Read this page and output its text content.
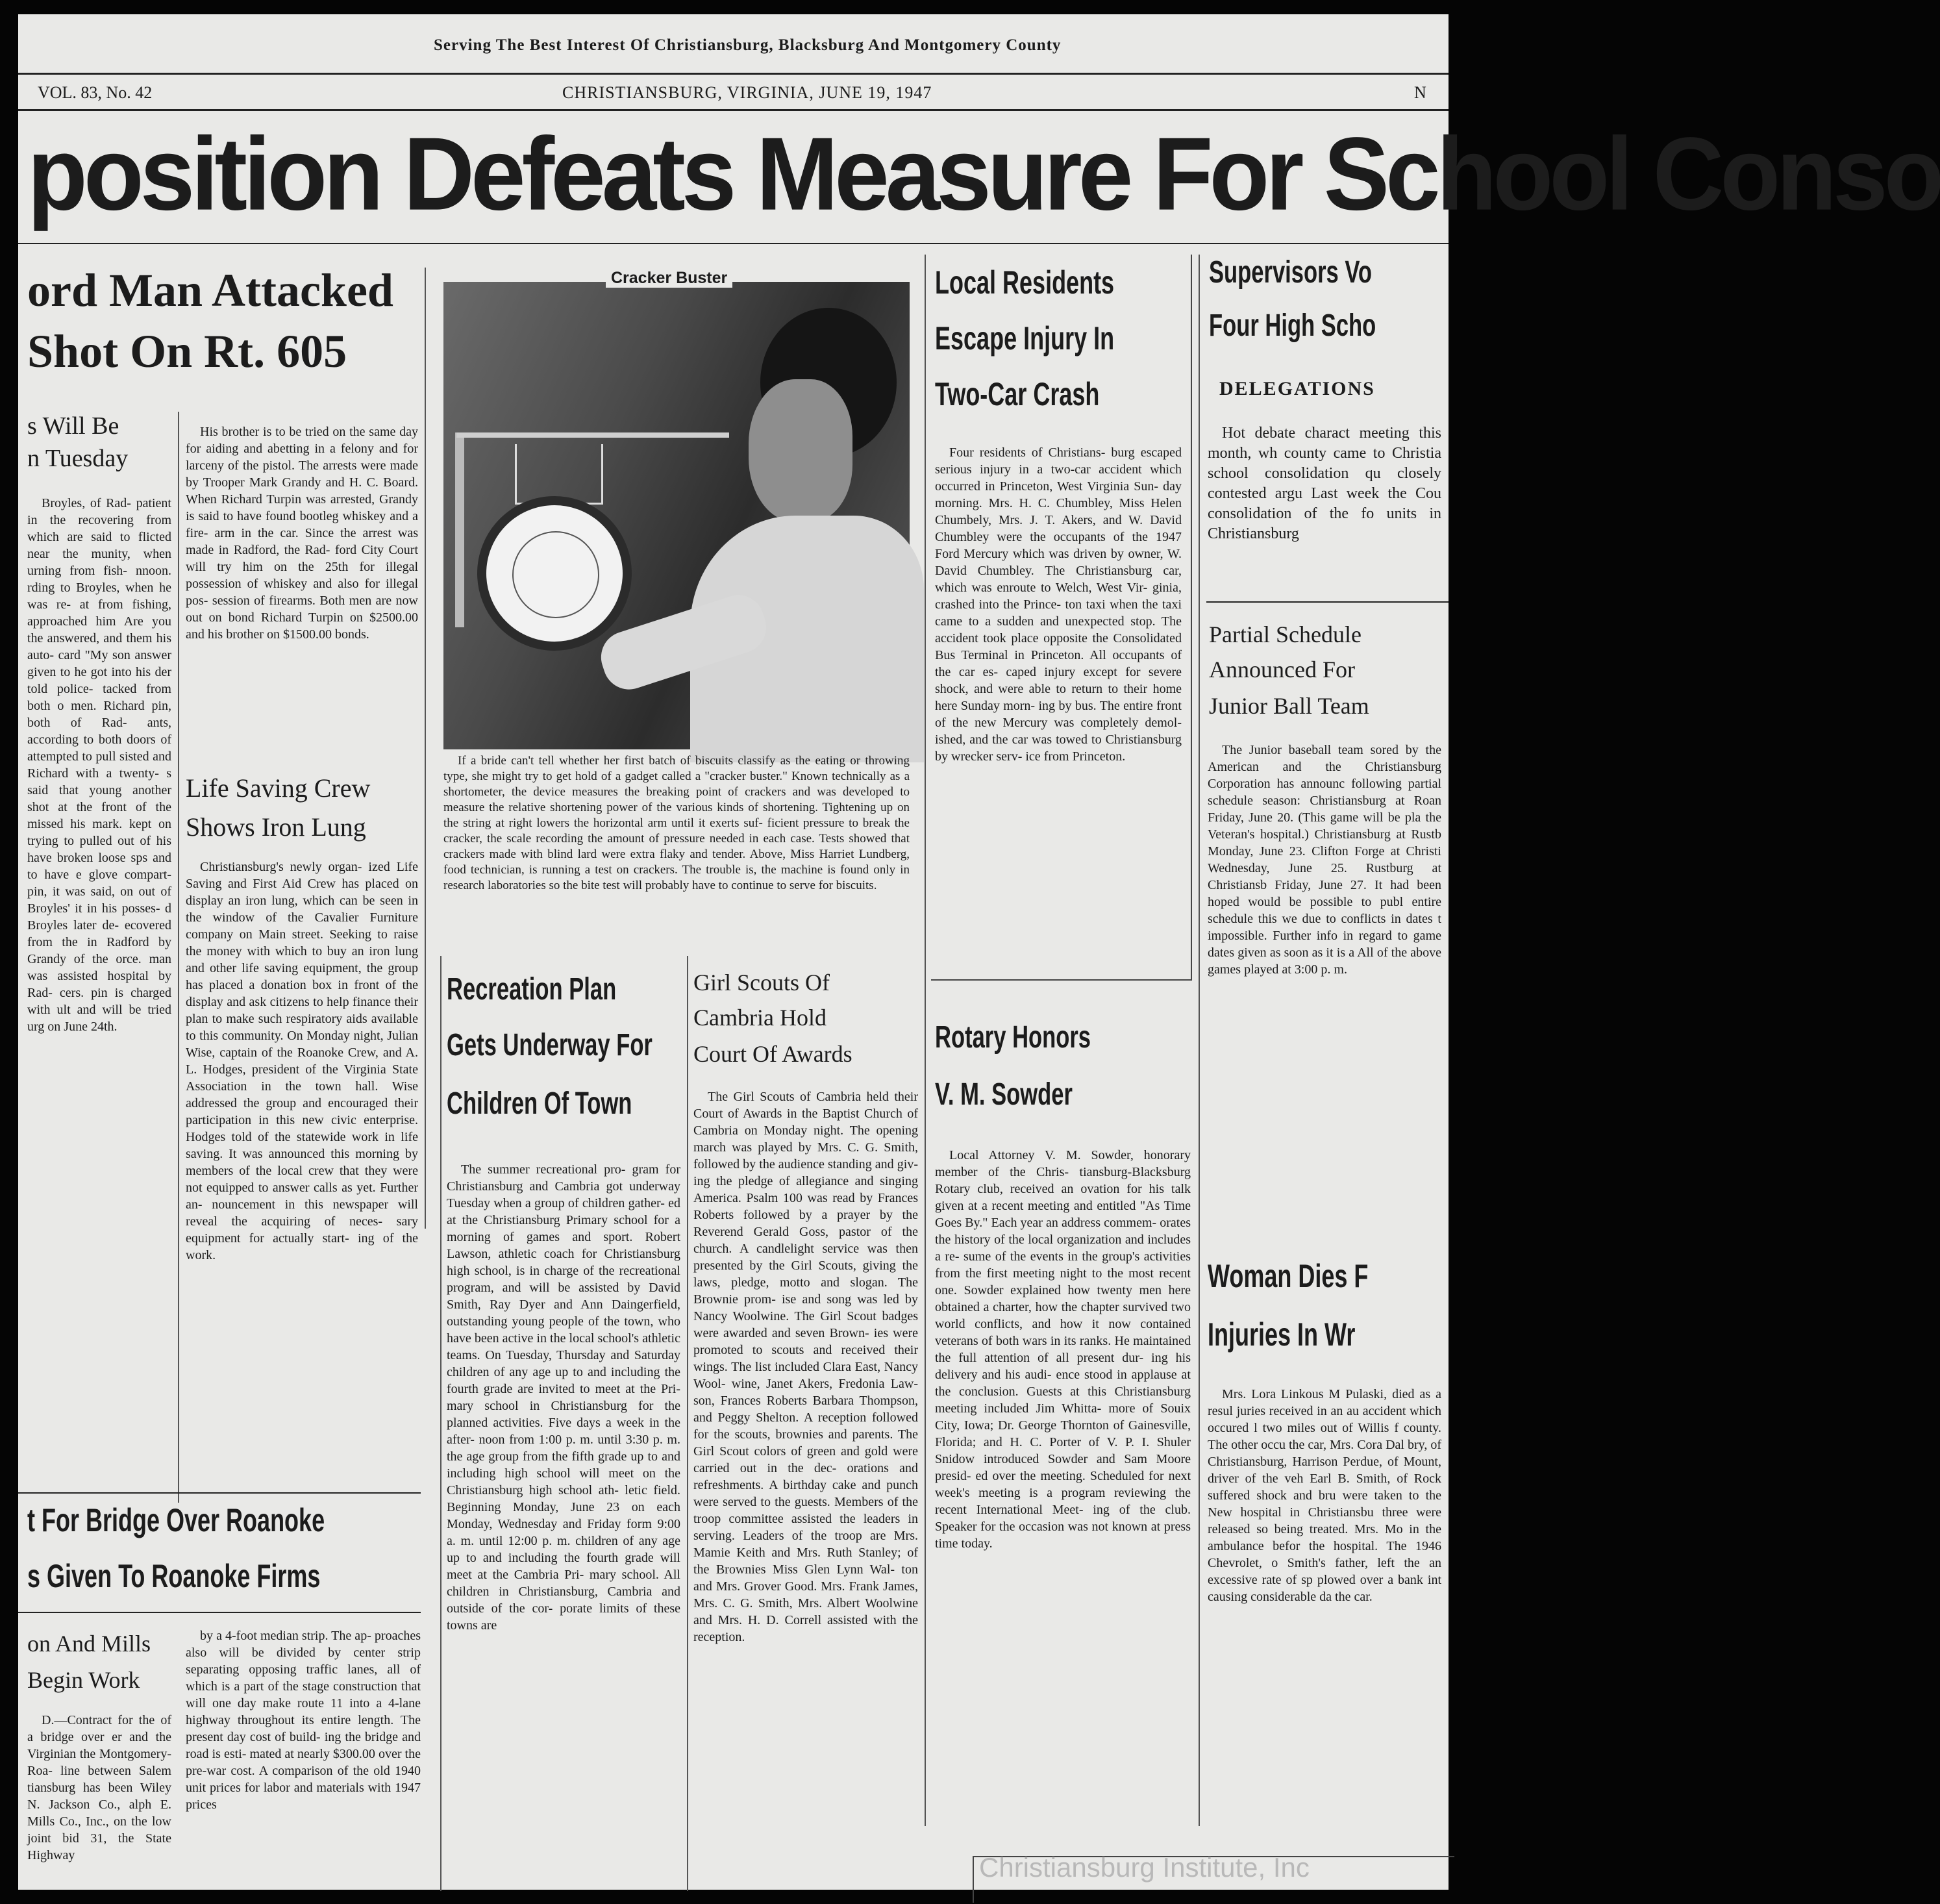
Serving The Best Interest Of Christiansburg, Blacksburg And Montgomery County
VOL. 83, No. 42	CHRISTIANSBURG, VIRGINIA, JUNE 19, 1947	N
position Defeats Measure For School Conso
ord Man Attacked
Shot On Rt. 605
s Will Be
n Tuesday

Broyles, of Rad- patient in the recovering from which are said to flicted near the munity, when urning from fish- nnoon. rding to Broyles, when he was re- at from fishing, approached him Are you the answered, and them his auto- card "My son answer given to he got into his der told police- tacked from both o men. Richard pin, both of Rad- ants, according to both doors of attempted to pull sisted and Richard with a twenty- s said that young another shot at the front of the missed his mark. kept on trying to pulled out of his have broken loose sps and to have e glove compart- pin, it was said, on out of Broyles' it in his posses- d Broyles later de- ecovered from the in Radford by Grandy of the orce. man was assisted hospital by Rad- cers. pin is charged with ult and will be tried urg on June 24th.

His brother is to be tried on the same day for aiding and abetting in a felony and for larceny of the pistol. The arrests were made by Trooper Mark Grandy and H. C. Board. When Richard Turpin was arrested, Grandy is said to have found bootleg whiskey and a fire- arm in the car. Since the arrest was made in Radford, the Rad- ford City Court will try him on the 25th for illegal possession of whiskey and also for illegal pos- session of firearms. Both men are now out on bond Richard Turpin on $2500.00 and his brother on $1500.00 bonds.

Life Saving Crew
Shows Iron Lung

Christiansburg's newly organ- ized Life Saving and First Aid Crew has placed on display an iron lung, which can be seen in the window of the Cavalier Furniture company on Main street. Seeking to raise the money with which to buy an iron lung and other life saving equipment, the group has placed a donation box in front of the display and ask citizens to help finance their plan to make such respiratory aids available to this community. On Monday night, Julian Wise, captain of the Roanoke Crew, and A. L. Hodges, president of the Virginia State Association in the town hall. Wise addressed the group and encouraged their participation in this new civic enterprise. Hodges told of the statewide work in life saving. It was announced this morning by members of the local crew that they were not equipped to answer calls as yet. Further an- nouncement in this newspaper will reveal the acquiring of neces- sary equipment for actually start- ing of the work.

Cracker Buster

If a bride can't tell whether her first batch of biscuits classify as the eating or throwing type, she might try to get hold of a gadget called a "cracker buster." Known technically as a shortometer, the device measures the breaking point of crackers and was developed to measure the relative shortening power of the various kinds of shortening. Tightening up on the string at right lowers the horizontal arm until it exerts suf- ficient pressure to break the cracker, the scale recording the amount of pressure needed in each case. Tests showed that crackers made with blind lard were extra flaky and tender. Above, Miss Harriet Lundberg, food technician, is running a test on crackers. The trouble is, the machine is found only in research laboratories so the bite test will probably have to continue to serve for biscuits.

Local Residents
Escape Injury In
Two-Car Crash

Four residents of Christians- burg escaped serious injury in a two-car accident which occurred in Princeton, West Virginia Sun- day morning. Mrs. H. C. Chumbley, Miss Helen Chumbely, Mrs. J. T. Akers, and W. David Chumbley were the occupants of the 1947 Ford Mercury which was driven by owner, W. David Chumbley. The Christiansburg car, which was enroute to Welch, West Vir- ginia, crashed into the Prince- ton taxi when the taxi came to a sudden and unexpected stop. The accident took place opposite the Consolidated Bus Terminal in Princeton. All occupants of the car es- caped injury except for severe shock, and were able to return to their home here Sunday morn- ing by bus. The entire front of the new Mercury was completely demol- ished, and the car was towed to Christiansburg by wrecker serv- ice from Princeton.

Supervisors Vo
Four High Scho
DELEGATIONS

Hot debate charact meeting this month, wh county came to Christia school consolidation qu closely contested argu Last week the Cou consolidation of the fo units in Christiansburg

Partial Schedule
Announced For
Junior Ball Team

The Junior baseball team sored by the American and the Christiansburg Corporation has announc following partial schedule season: Christiansburg at Roan Friday, June 20. (This game will be pla the Veteran's hospital.) Christiansburg at Rustb Monday, June 23. Clifton Forge at Christi Wednesday, June 25. Rustburg at Christiansb Friday, June 27. It had been hoped would be possible to publ entire schedule this we due to conflicts in dates t impossible. Further info in regard to game dates given as soon as it is a All of the above games played at 3:00 p. m.

Recreation Plan
Gets Underway For
Children Of Town

The summer recreational pro- gram for Christiansburg and Cambria got underway Tuesday when a group of children gather- ed at the Christiansburg Primary school for a morning of games and sport. Robert Lawson, athletic coach for Christiansburg high school, is in charge of the recreational program, and will be assisted by David Smith, Ray Dyer and Ann Daingerfield, outstanding young people of the town, who have been active in the local school's athletic teams. On Tuesday, Thursday and Saturday children of any age up to and including the fourth grade are invited to meet at the Pri- mary school in Christiansburg for the planned activities. Five days a week in the after- noon from 1:00 p. m. until 3:30 p. m. the age group from the fifth grade up to and including high school will meet on the Christiansburg high school ath- letic field. Beginning Monday, June 23 on each Monday, Wednesday and Friday form 9:00 a. m. until 12:00 p. m. children of any age up to and including the fourth grade will meet at the Cambria Pri- mary school. All children in Christiansburg, Cambria and outside of the cor- porate limits of these towns are

Girl Scouts Of
Cambria Hold
Court Of Awards

The Girl Scouts of Cambria held their Court of Awards in the Baptist Church of Cambria on Monday night. The opening march was played by Mrs. C. G. Smith, followed by the audience standing and giv- ing the pledge of allegiance and singing America. Psalm 100 was read by Frances Roberts followed by a prayer by the Reverend Gerald Goss, pastor of the church. A candlelight service was then presented by the Girl Scouts, giving the laws, pledge, motto and slogan. The Brownie prom- ise and song was led by Nancy Woolwine. The Girl Scout badges were awarded and seven Brown- ies were promoted to scouts and received their wings. The list included Clara East, Nancy Wool- wine, Janet Akers, Fredonia Law- son, Frances Roberts Barbara Thompson, and Peggy Shelton. A reception followed for the scouts, brownies and parents. The Girl Scout colors of green and gold were carried out in the dec- orations and refreshments. A birthday cake and punch were served to the guests. Members of the troop committee assisted the leaders in serving. Leaders of the troop are Mrs. Mamie Keith and Mrs. Ruth Stanley; of the Brownies Miss Glen Lynn Wal- ton and Mrs. Grover Good. Mrs. Frank James, Mrs. C. G. Smith, Mrs. Albert Woolwine and Mrs. H. D. Correll assisted with the reception.

Rotary Honors
V. M. Sowder

Local Attorney V. M. Sowder, honorary member of the Chris- tiansburg-Blacksburg Rotary club, received an ovation for his talk given at a recent meeting and entitled "As Time Goes By." Each year an address commem- orates the history of the local organization and includes a re- sume of the events in the group's activities from the first meeting night to the most recent one. Sowder explained how twenty men here obtained a charter, how the chapter survived two world conflicts, and how it now contained veterans of both wars in its ranks. He maintained the full attention of all present dur- ing his delivery and his audi- ence stood in applause at the conclusion. Guests at this Christiansburg meeting included Jim Whitta- more of Souix City, Iowa; Dr. George Thornton of Gainesville, Florida; and H. C. Porter of V. P. I. Shuler Snidow introduced Sowder and Sam Moore presid- ed over the meeting. Scheduled for next week's meeting is a program reviewing the recent International Meet- ing of the club. Speaker for the occasion was not known at press time today.

Woman Dies F
Injuries In Wr

Mrs. Lora Linkous M Pulaski, died as a resul juries received in an au accident which occured l two miles out of Willis f county. The other occu the car, Mrs. Cora Dal bry, of Christiansburg, Harrison Perdue, of Mount, driver of the veh Earl B. Smith, of Rock suffered shock and bru were taken to the New hospital in Christiansbu three were released so being treated. Mrs. Mo in the ambulance befor the hospital. The 1946 Chevrolet, o Smith's father, left the an excessive rate of sp plowed over a bank int causing considerable da the car.

t For Bridge Over Roanoke
s Given To Roanoke Firms
on And Mills
Begin Work

D.—Contract for the of a bridge over er and the Virginian the Montgomery-Roa- line between Salem tiansburg has been Wiley N. Jackson Co., alph E. Mills Co., Inc., on the low joint bid 31, the State Highway

by a 4-foot median strip. The ap- proaches also will be divided by center strip separating opposing traffic lanes, all of which is a part of the stage construction that will one day make route 11 into a 4-lane highway throughout its entire length. The present day cost of build- ing the bridge and road is esti- mated at nearly $300.00 over the pre-war cost. A comparison of the old 1940 unit prices for labor and materials with 1947 prices

Christiansburg Institute, Inc
